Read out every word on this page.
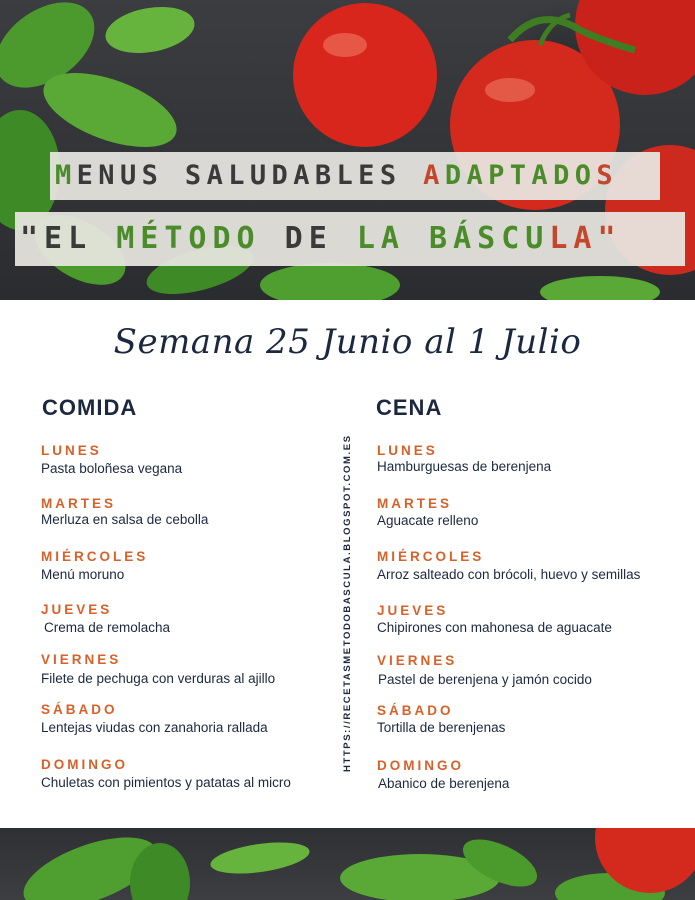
MENUS SALUDABLES ADAPTADOS
"EL MÉTODO DE LA BÁSCULA"
Semana 25 Junio al 1 Julio
COMIDA	CENA
LUNES
Pasta boloñesa vegana
MARTES
Merluza en salsa de cebolla
MIÉRCOLES
Menú moruno
JUEVES
Crema de remolacha
VIERNES
Filete de pechuga con verduras al ajillo
SÁBADO
Lentejas viudas con zanahoria rallada
DOMINGO
Chuletas con pimientos y patatas al micro
HTTPS://RECETASMETODOBASCULA.BLOGSPOT.COM.ES LUNES
Hamburguesas de berenjena
MARTES
Aguacate relleno
MIÉRCOLES
Arroz salteado con brócoli, huevo y semillas
JUEVES
Chipirones con mahonesa de aguacate
VIERNES
Pastel de berenjena y jamón cocido
SÁBADO
Tortilla de berenjenas
DOMINGO
Abanico de berenjena
